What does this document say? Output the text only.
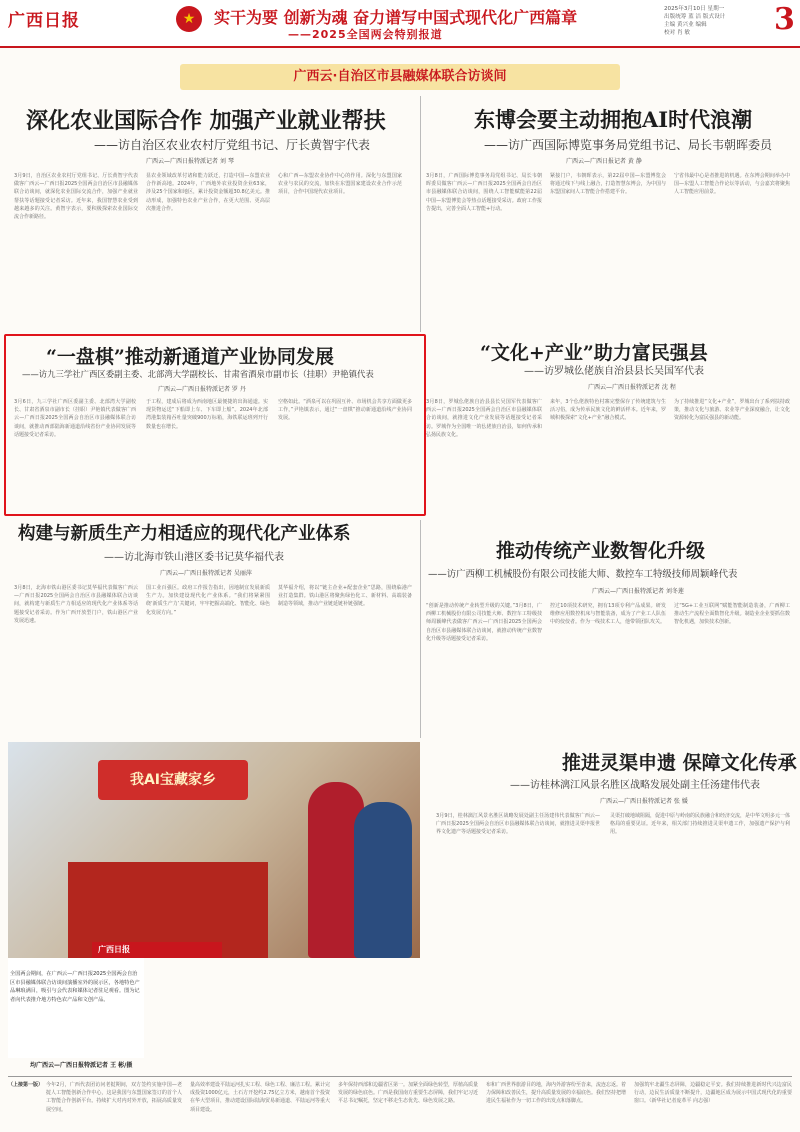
广西日报	★	实干为要 创新为魂 奋力谱写中国式现代化广西篇章
——2025全国两会特别报道
2025年3月10日 星期一
出版统筹 蓝 洁 版式设计
主编 黄兴业 编辑
校对 肖 敏	3
广西云·自治区市县融媒体联合访谈间
深化农业国际合作 加强产业就业帮扶
——访自治区农业农村厅党组书记、厅长黄智宇代表
广西云—广西日报特派记者 刘 琴
3月9日，自治区农业农村厅党组书记、厅长黄智宇代表做客广西云—广西日报2025全国两会自治区市县融媒体联合访谈间，就深化农业国际交流合作，加强产业就业帮扶等话题接受记者采访。近年来，我国智慧农业受到越来越多的关注。黄智宇表示，要积极探索农业国际交流合作新路径。
显农业领域改革付诸和能力跃迁，打造中国—东盟农业合作新高地。2024年，广西地外农业投资企业63家，涉及25个国家和地区，累计投资金额超30.8亿美元。推动形成，加强特色农业产业合作，在更大范围、更高层次推进合作。
心和广西—东盟农业协作中心的作用。深化与东盟国家农业与农民的交流，加快在东盟国家建设农业合作示范项目，合作中国现代农业项目。
东博会要主动拥抱AI时代浪潮
——访广西国际博览事务局党组书记、局长韦朝晖委员
广西云—广西日报记者 黄 静
3月8日，广西国际博览事务局党组书记、局长韦朝晖委员做客广西云—广西日报2025全国两会自治区市县融媒体联合访谈间，围绕人工智能赋能第22届中国—东盟博览会等热点话题接受采访。政府工作报告提出，完善全面人工智能+行动。
紧接门户，韦朝晖表示，第22届中国—东盟博览会将通过线下与线上融合，打造智慧东博会，为中国与东盟国家间人工智能合作搭建平台。
宁省伟最中心是者推进的机遇。在东博会期间举办中国—东盟人工智能合作论坛等活动，与会嘉宾将聚焦人工智能应用前景。
“一盘棋”推动新通道产业协同发展
——访九三学社广西区委副主委、北部湾大学副校长、甘肃省酒泉市副市长（挂职）尹艳镇代表
广西云—广西日报特派记者 罗 丹
3月6日，九三学社广西区委副主委、北部湾大学副校长、甘肃省酒泉市副市长（挂职）尹艳镇代表做客广西云—广西日报2025全国两会自治区市县融媒体联合访谈间，就推动西部陆海新通道沿线省份产业协同发展等话题接受记者采访。
于工程，建成后将成为西南地区最便捷的出海通道。实现货物运送“下船即上车、下车即上船”。2024年北部湾港集装箱吞吐量突破900万标箱，海铁联运班列开行数量也在增长。
空格如此。“酒泉可以在巩固互补、市场机会共享方面做更多工作，”尹艳镇表示，通过“一盘棋”推动新通道沿线产业协同发展。
“文化+产业”助力富民强县
——访罗城仫佬族自治县县长吴国军代表
广西云—广西日报特派记者 沈 程
3月8日，罗城仫佬族自治县县长吴国军代表做客广西云—广西日报2025全国两会自治区市县融媒体联合访谈间，就推进文化产业发展等话题接受记者采访。罗城作为全国唯一的仫佬族自治县，如何传承和弘扬民族文化。
来年，3个仫佬族特色村寨完整保存了传统建筑与生活习俗，成为传承民族文化的鲜活样本。近年来，罗城积极探索“文化+产业”融合模式。
为了持续推进“文化+产业”，罗城出台了系列扶持政策，推动文化与旅游、农业等产业深度融合，让文化资源转化为富民强县的新动能。
构建与新质生产力相适应的现代化产业体系
——访北海市铁山港区委书记莫华福代表
广西云—广西日报特派记者 吴丽萍
3月8日，北海市铁山港区委书记莫华福代表做客广西云—广西日报2025全国两会自治区市县融媒体联合访谈间，就构建与新质生产力相适应的现代化产业体系等话题接受记者采访。作为广西开放型门户，铁山港区产业发展迅速。
国工业百强区。政府工作报告指出，因地制宜发展新质生产力。加快建设现代化产业体系。“我们将紧紧围绕‘新质生产力’关键词，牢牢把握高端化、智能化、绿色化发展方向。”
莫华福介绍，将以“链主企业+配套企业”思路，围绕临港产业打造集群。铁山港区将聚焦绿色化工、新材料、高端装备制造等领域，推动产业链延链补链强链。
推动传统产业数智化升级
——访广西柳工机械股份有限公司技能大师、数控车工特级技师周颖峰代表
广西云—广西日报特派记者 刘冬莲
“创新是推动传统产业转型升级的关键。”3月8日，广西柳工机械股份有限公司技能大师、数控车工特级技师周颖峰代表做客广西云—广西日报2025全国两会自治区市县融媒体联合访谈间，就推动传统产业数智化升级等话题接受记者采访。
控过10项技术研究，拥有13项专利产品成果。研发维修应用数控机床与智能装备，成为了产业工人队伍中的佼佼者。作为一线技术工人，他带领团队攻关。
过“5G+工业互联网”赋能智能制造装备，广西柳工推动生产流程全面数智化升级。制造业企业要抓住数智化机遇，加快技术创新。
我AI宝藏家乡
广西日报
全国两会期间，在广西云—广西日报2025全国两会自治区市县融媒体联合访谈间演播室外的展示区，各地特色产品琳琅满目，吸引与会代表和媒体记者驻足观看。图为记者向代表推介地方特色农产品和文创产品。
均广西云—广西日报特派记者 王 彬/摄
推进灵渠申遗 保障文化传承
——访桂林漓江风景名胜区战略发展处副主任汤建伟代表
广西云—广西日报特派记者 张 媛
3月9日，桂林漓江风景名胜区战略发展处副主任汤建伟代表做客广西云—广西日报2025全国两会自治区市县融媒体联合访谈间，就推进灵渠申报世界文化遗产等话题接受记者采访。
灵渠打破地域阻隔，促进中原与岭南的民族融合和经济交流，是中华文明多元一体格局的重要见证。近年来，相关部门持续推进灵渠申遗工作，加强遗产保护与利用。
（上接第一版） 今年2月，广西代表团访问老挝期间，双方签约实施中国—老挝人工智能创新合作中心，这是我国与东盟国家签订的首个人工智能合作创新平台。持续扩大对内对外开放，拓展高质量发展空间。
量高效率建设平陆运河扎实工程、绿色工程、廉洁工程。累计完成投资1000亿元，土石方开挖约2.75亿立方米，越南首个投资在华大型项目，推动建设国际陆海贸易新通道、平陆运河等重大项目建设。
多年保持西部和边疆省区第一。加紧全面绿色转型，厚植高质量发展的绿色底色。广西是我国南方重要生态屏障，我们牢记习近平总书记嘱托，坚定不移走生态优先、绿色发展之路。
布和广西世界旅游目的地，海内外游客纷至沓来，流连忘返。着力保障和改善民生，提升高质量发展的幸福底色。我们坚持把增进民生福祉作为一切工作的出发点和落脚点。
加强筑牢北疆生态屏障，边疆稳定平安。我们持续推进新时代兴边富民行动，边民生活质量不断提升，边疆地区成为展示中国式现代化的重要窗口。（新华社记者庞革平 向志强）
